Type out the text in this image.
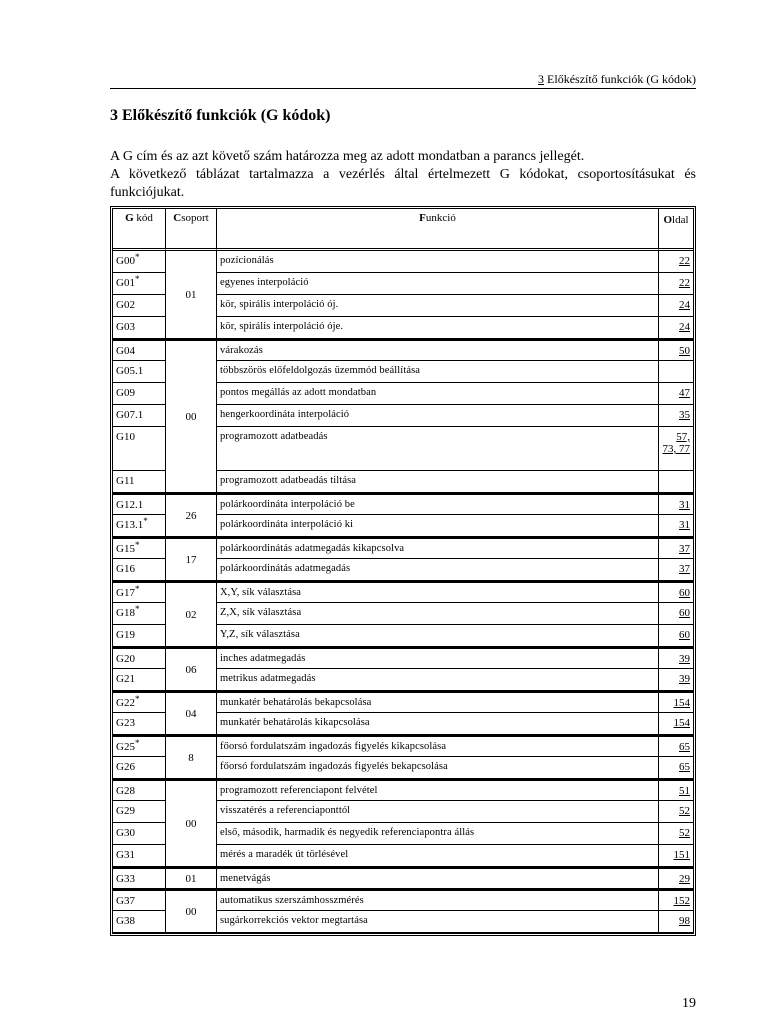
3 Előkészítő funkciók (G kódok)
3 Előkészítő funkciók (G kódok)

A G cím és az azt követő szám határozza meg az adott mondatban a parancs jellegét.

A következő táblázat tartalmazza a vezérlés által értelmezett G kódokat, csoportosításukat és funkciójukat.

G kód	Csoport	Funkció	Oldal
G00*	01	pozícionálás	22
G01*		egyenes interpoláció	22
G02		kör, spirális interpoláció ój.	24
G03		kör, spirális interpoláció óje.	24
G04	00	várakozás	50
G05.1		többszörös előfeldolgozás üzemmód beállítása	
G09		pontos megállás az adott mondatban	47
G07.1		hengerkoordináta interpoláció	35
G10		programozott adatbeadás	57, 73, 77
G11		programozott adatbeadás tiltása	
G12.1	26	polárkoordináta interpoláció be	31
G13.1*		polárkoordináta interpoláció ki	31
G15*	17	polárkoordinátás adatmegadás kikapcsolva	37
G16		polárkoordinátás adatmegadás	37
G17*	02	X,Y, sík választása	60
G18*		Z,X, sík választása	60
G19		Y,Z, sík választása	60
G20	06	inches adatmegadás	39
G21		metrikus adatmegadás	39
G22*	04	munkatér behatárolás bekapcsolása	154
G23		munkatér behatárolás kikapcsolása	154
G25*	8	főorsó fordulatszám ingadozás figyelés kikapcsolása	65
G26		főorsó fordulatszám ingadozás figyelés bekapcsolása	65
G28	00	programozott referenciapont felvétel	51
G29		visszatérés a referenciaponttól	52
G30		első, második, harmadik és negyedik referenciapontra állás	52
G31		mérés a maradék út törlésével	151
G33	01	menetvágás	29
G37	00	automatikus szerszámhosszmérés	152
G38		sugárkorrekciós vektor megtartása	98
19
